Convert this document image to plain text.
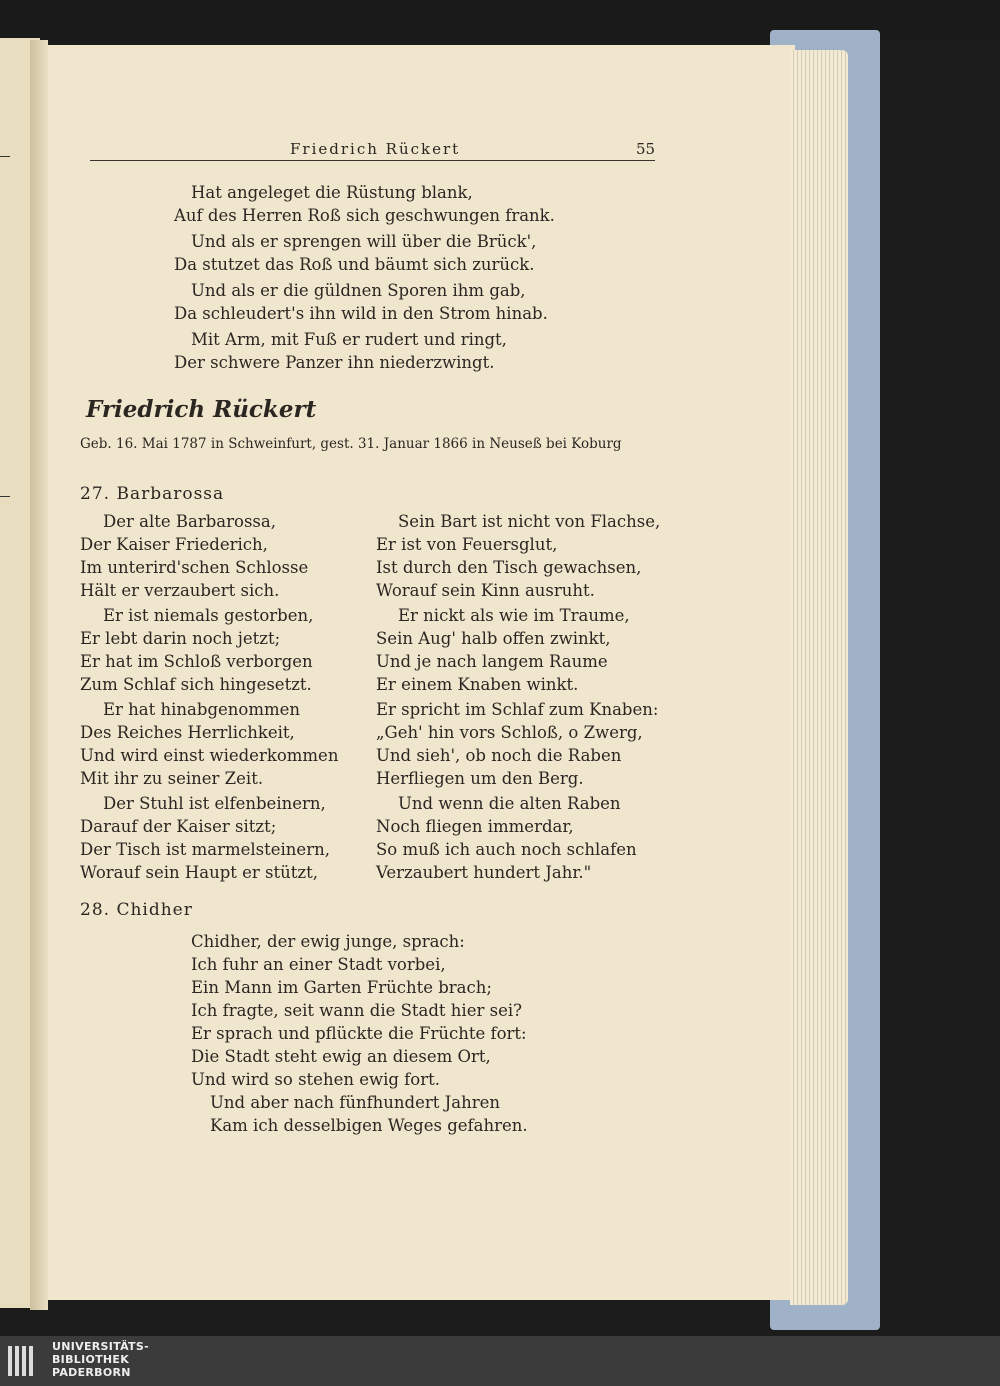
Friedrich Rückert	55
Hat angeleget die Rüstung blank,
Auf des Herren Roß sich geschwungen frank.
Und als er sprengen will über die Brück',
Da stutzet das Roß und bäumt sich zurück.
Und als er die güldnen Sporen ihm gab,
Da schleudert's ihn wild in den Strom hinab.
Mit Arm, mit Fuß er rudert und ringt,
Der schwere Panzer ihn niederzwingt.
Friedrich Rückert
Geb. 16. Mai 1787 in Schweinfurt, gest. 31. Januar 1866 in Neuseß bei Koburg
27. Barbarossa
Der alte Barbarossa,
Der Kaiser Friederich,
Im unterird'schen Schlosse
Hält er verzaubert sich.
Er ist niemals gestorben,
Er lebt darin noch jetzt;
Er hat im Schloß verborgen
Zum Schlaf sich hingesetzt.
Er hat hinabgenommen
Des Reiches Herrlichkeit,
Und wird einst wiederkommen
Mit ihr zu seiner Zeit.
Der Stuhl ist elfenbeinern,
Darauf der Kaiser sitzt;
Der Tisch ist marmelsteinern,
Worauf sein Haupt er stützt,
Sein Bart ist nicht von Flachse,
Er ist von Feuersglut,
Ist durch den Tisch gewachsen,
Worauf sein Kinn ausruht.
Er nickt als wie im Traume,
Sein Aug' halb offen zwinkt,
Und je nach langem Raume
Er einem Knaben winkt.
Er spricht im Schlaf zum Knaben:
„Geh' hin vors Schloß, o Zwerg,
Und sieh', ob noch die Raben
Herfliegen um den Berg.
Und wenn die alten Raben
Noch fliegen immerdar,
So muß ich auch noch schlafen
Verzaubert hundert Jahr."
28. Chidher
Chidher, der ewig junge, sprach:
Ich fuhr an einer Stadt vorbei,
Ein Mann im Garten Früchte brach;
Ich fragte, seit wann die Stadt hier sei?
Er sprach und pflückte die Früchte fort:
Die Stadt steht ewig an diesem Ort,
Und wird so stehen ewig fort.
Und aber nach fünfhundert Jahren
Kam ich desselbigen Weges gefahren.
UNIVERSITÄTS-
BIBLIOTHEK
PADERBORN
